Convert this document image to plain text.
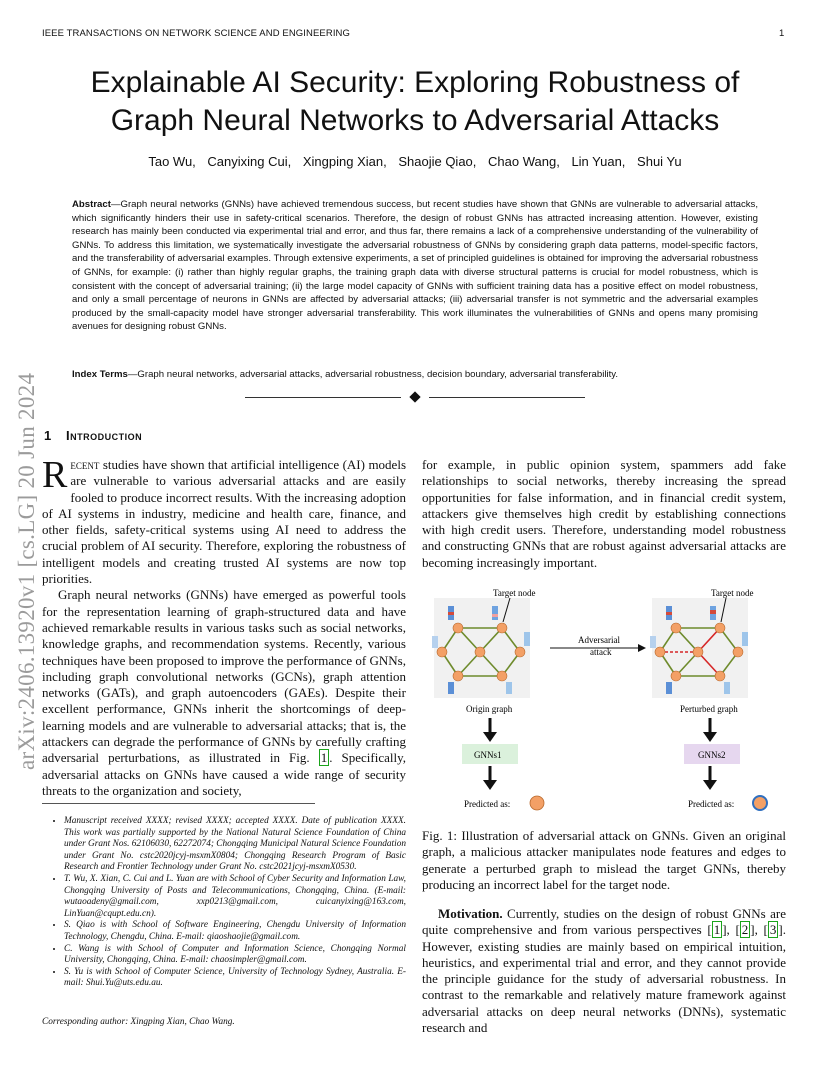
IEEE TRANSACTIONS ON NETWORK SCIENCE AND ENGINEERING	1
Explainable AI Security: Exploring Robustness of
Graph Neural Networks to Adversarial Attacks
Tao Wu, Canyixing Cui, Xingping Xian, Shaojie Qiao, Chao Wang, Lin Yuan, Shui Yu
Abstract—Graph neural networks (GNNs) have achieved tremendous success, but recent studies have shown that GNNs are vulnerable to adversarial attacks, which significantly hinders their use in safety-critical scenarios. Therefore, the design of robust GNNs has attracted increasing attention. However, existing research has mainly been conducted via experimental trial and error, and thus far, there remains a lack of a comprehensive understanding of the vulnerability of GNNs. To address this limitation, we systematically investigate the adversarial robustness of GNNs by considering graph data patterns, model-specific factors, and the transferability of adversarial examples. Through extensive experiments, a set of principled guidelines is obtained for improving the adversarial robustness of GNNs, for example: (i) rather than highly regular graphs, the training graph data with diverse structural patterns is crucial for model robustness, which is consistent with the concept of adversarial training; (ii) the large model capacity of GNNs with sufficient training data has a positive effect on model robustness, and only a small percentage of neurons in GNNs are affected by adversarial attacks; (iii) adversarial transfer is not symmetric and the adversarial examples produced by the small-capacity model have stronger adversarial transferability. This work illuminates the vulnerabilities of GNNs and opens many promising avenues for designing robust GNNs.
Index Terms—Graph neural networks, adversarial attacks, adversarial robustness, decision boundary, adversarial transferability.
1 Introduction

Recent studies have shown that artificial intelligence (AI) models are vulnerable to various adversarial attacks and are easily fooled to produce incorrect results. With the increasing adoption of AI systems in industry, medicine and health care, finance, and other fields, safety-critical systems using AI need to address the crucial problem of AI security. Therefore, exploring the robustness of intelligent models and creating trusted AI systems are now top priorities.

Graph neural networks (GNNs) have emerged as powerful tools for the representation learning of graph-structured data and have achieved remarkable results in various tasks such as social networks, knowledge graphs, and recommendation systems. Recently, various techniques have been proposed to improve the performance of GNNs, including graph convolutional networks (GCNs), graph attention networks (GATs), and graph autoencoders (GAEs). Despite their excellent performance, GNNs inherit the shortcomings of deep-learning models and are vulnerable to adversarial attacks; that is, the attackers can degrade the performance of GNNs by carefully crafting adversarial perturbations, as illustrated in Fig. 1 . Specifically, adversarial attacks on GNNs have caused a wide range of security threats to the organization and society,

• Manuscript received XXXX; revised XXXX; accepted XXXX. Date of publication XXXX. This work was partially supported by the National Natural Science Foundation of China under Grant Nos. 62106030, 62272074; Chongqing Municipal Natural Science Foundation under Grant No. cstc2020jcyj-msxmX0804; Chongqing Research Program of Basic Research and Frontier Technology under Grant No. cstc2021jcyj-msxmX0530.
• T. Wu, X. Xian, C. Cui and L. Yuan are with School of Cyber Security and Information Law, Chongqing University of Posts and Telecommunications, Chongqing, China. (E-mail: wutaoadeny@gmail.com, xxp0213@gmail.com, cuicanyixing@163.com, LinYuan@cqupt.edu.cn).
• S. Qiao is with School of Software Engineering, Chengdu University of Information Technology, Chengdu, China. E-mail: qiaoshaojie@gmail.com.
• C. Wang is with School of Computer and Information Science, Chongqing Normal University, Chongqing, China. E-mail: chaosimpler@gmail.com.
• S. Yu is with School of Computer Science, University of Technology Sydney, Australia. E-mail: Shui.Yu@uts.edu.au.
Corresponding author: Xingping Xian, Chao Wang.

for example, in public opinion system, spammers add fake relationships to social networks, thereby increasing the spread opportunities for false information, and in financial credit system, attackers give themselves high credit by establishing connections with high credit users. Therefore, understanding model robustness and constructing GNNs that are robust against adversarial attacks are becoming increasingly important.

Target node
Origin graph
Adversarial
attack
Target node
Perturbed graph
GNNs1	GNNs2
Predicted as:	Predicted as:
Fig. 1: Illustration of adversarial attack on GNNs. Given an original graph, a malicious attacker manipulates node features and edges to generate a perturbed graph to mislead the target GNNs, thereby producing an incorrect label for the target node.

Motivation. Currently, studies on the design of robust GNNs are quite comprehensive and from various perspectives [ 1 ], [ 2 ], [ 3 ]. However, existing studies are mainly based on empirical intuition, heuristics, and experimental trial and error, and they cannot provide the principle guidance for the study of adversarial robustness. In contrast to the remarkable and relatively mature framework against adversarial attacks on deep neural networks (DNNs), systematic research and

arXiv:2406.13920v1 [cs.LG] 20 Jun 2024
